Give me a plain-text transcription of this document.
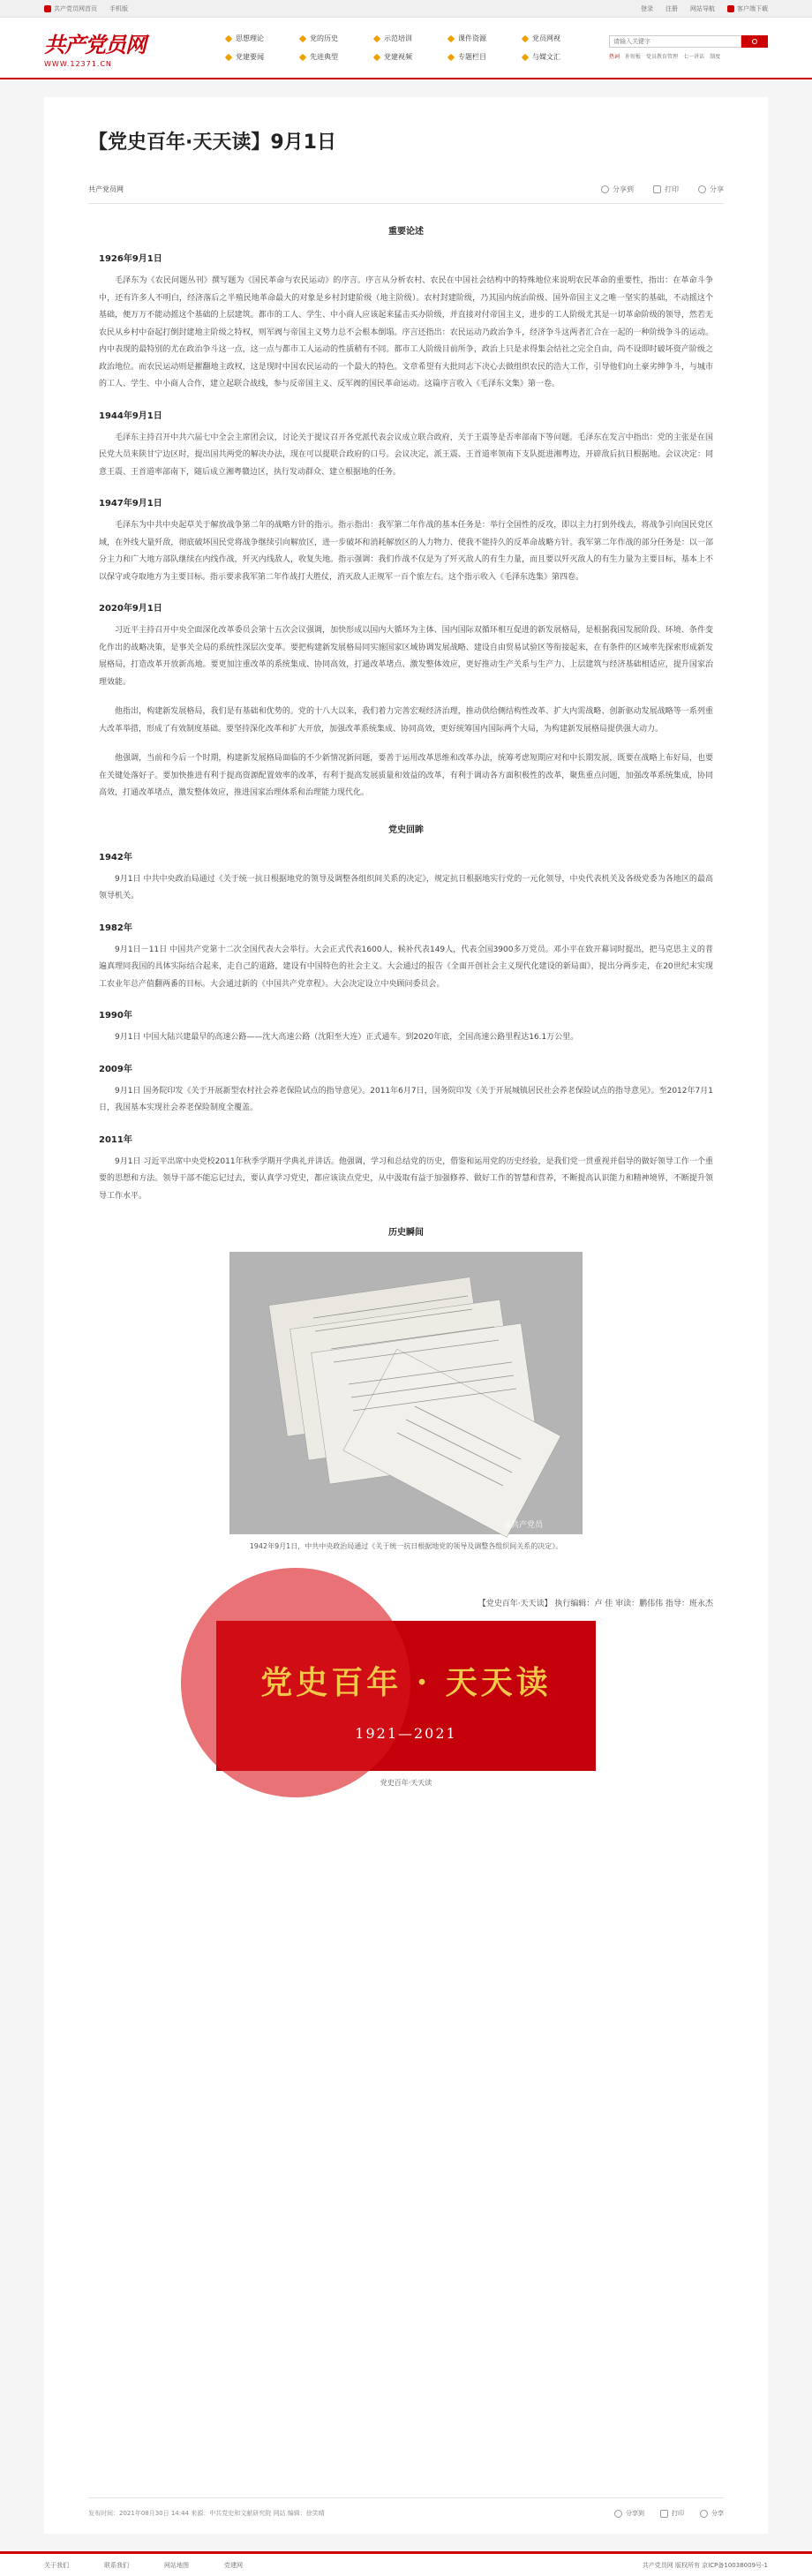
共产党员网首页 手机版	登录 注册 网站导航	客户端下载
共产党员网
WWW.12371.CN
思想理论	党的历史	示范培训	课件资源	党员网视
党建要闻	先进典型	党建视频	专题栏目	与媒文汇
请输入关键字	热词 补短板 党员教育管理 七一讲话 制度
【党史百年·天天读】9月1日
共产党员网	分享到	打印	分享
重要论述
1926年9月1日

毛泽东为《农民问题丛刊》撰写题为《国民革命与农民运动》的序言。序言从分析农村、农民在中国社会结构中的特殊地位来说明农民革命的重要性，指出：在革命斗争中，还有许多人不明白，经济落后之半殖民地革命最大的对象是乡村封建阶级（地主阶级）。农村封建阶级，乃其国内统治阶级、国外帝国主义之唯一坚实的基础，不动摇这个基础，便万万不能动摇这个基础的上层建筑。都市的工人、学生、中小商人应该起来猛击买办阶级，并直接对付帝国主义，进步的工人阶级尤其是一切革命阶级的领导，然若无农民从乡村中奋起打倒封建地主阶级之特权，则军阀与帝国主义势力总不会根本倒塌。序言还指出：农民运动乃政治争斗，经济争斗这两者汇合在一起的一种阶级争斗的运动。内中表现的最特别的尤在政治争斗这一点，这一点与都市工人运动的性质稍有不同。都市工人阶级目前所争，政治上只是求得集会结社之完全自由，尚不设即时破坏资产阶级之政治地位。而农民运动则是摧翻地主政权，这是现时中国农民运动的一个最大的特色。文章希望有大批同志下决心去做组织农民的浩大工作，引导他们向土豪劣绅争斗，与城市的工人、学生、中小商人合作，建立起联合战线，参与反帝国主义、反军阀的国民革命运动。这篇序言收入《毛泽东文集》第一卷。

1944年9月1日

毛泽东主持召开中共六届七中全会主席团会议，讨论关于提议召开各党派代表会议成立联合政府，关于王震等是否率部南下等问题。毛泽东在发言中指出：党的主张是在国民党大员来陕甘宁边区时，提出国共两党的解决办法，现在可以提联合政府的口号。会议决定，派王震、王首道率领南下支队挺进湘粤边，开辟敌后抗日根据地。会议决定：同意王震、王首道率部南下，随后成立湘粤赣边区，执行发动群众、建立根据地的任务。

1947年9月1日

毛泽东为中共中央起草关于解放战争第二年的战略方针的指示。指示指出：我军第二年作战的基本任务是：举行全国性的反攻，即以主力打到外线去，将战争引向国民党区域，在外线大量歼敌，彻底破坏国民党将战争继续引向解放区，进一步破坏和消耗解放区的人力物力、使我不能持久的反革命战略方针。我军第二年作战的部分任务是：以一部分主力和广大地方部队继续在内线作战，歼灭内线敌人，收复失地。指示强调：我们作战不仅是为了歼灭敌人的有生力量，而且要以歼灭敌人的有生力量为主要目标，基本上不以保守或夺取地方为主要目标。指示要求我军第二年作战打大胜仗，消灭敌人正规军一百个旅左右。这个指示收入《毛泽东选集》第四卷。

2020年9月1日

习近平主持召开中央全面深化改革委员会第十五次会议强调，加快形成以国内大循环为主体、国内国际双循环相互促进的新发展格局，是根据我国发展阶段、环境、条件变化作出的战略决策，是事关全局的系统性深层次变革。要把构建新发展格局同实施国家区域协调发展战略、建设自由贸易试验区等衔接起来，在有条件的区域率先探索形成新发展格局，打造改革开放新高地。要更加注重改革的系统集成、协同高效，打通改革堵点、激发整体效应，更好推动生产关系与生产力、上层建筑与经济基础相适应，提升国家治理效能。

他指出，构建新发展格局，我们是有基础和优势的。党的十八大以来，我们着力完善宏观经济治理，推动供给侧结构性改革、扩大内需战略、创新驱动发展战略等一系列重大改革举措，形成了有效制度基础。要坚持深化改革和扩大开放，加强改革系统集成、协同高效，更好统筹国内国际两个大局，为构建新发展格局提供强大动力。

他强调，当前和今后一个时期，构建新发展格局面临的不少新情况新问题，要善于运用改革思维和改革办法，统筹考虑短期应对和中长期发展，既要在战略上布好局，也要在关键处落好子。要加快推进有利于提高资源配置效率的改革，有利于提高发展质量和效益的改革，有利于调动各方面积极性的改革，聚焦重点问题，加强改革系统集成，协同高效，打通改革堵点，激发整体效应，推进国家治理体系和治理能力现代化。

党史回眸
1942年

9月1日 中共中央政治局通过《关于统一抗日根据地党的领导及调整各组织间关系的决定》，规定抗日根据地实行党的一元化领导，中央代表机关及各级党委为各地区的最高领导机关。

1982年

9月1日－11日 中国共产党第十二次全国代表大会举行。大会正式代表1600人，候补代表149人，代表全国3900多万党员。邓小平在致开幕词时提出，把马克思主义的普遍真理同我国的具体实际结合起来，走自己的道路，建设有中国特色的社会主义。大会通过的报告《全面开创社会主义现代化建设的新局面》，提出分两步走，在20世纪末实现工农业年总产值翻两番的目标。大会通过新的《中国共产党章程》。大会决定设立中央顾问委员会。

1990年

9月1日 中国大陆兴建最早的高速公路——沈大高速公路（沈阳至大连）正式通车。到2020年底，全国高速公路里程达16.1万公里。

2009年

9月1日 国务院印发《关于开展新型农村社会养老保险试点的指导意见》。2011年6月7日，国务院印发《关于开展城镇居民社会养老保险试点的指导意见》。至2012年7月1日，我国基本实现社会养老保险制度全覆盖。

2011年

9月1日 习近平出席中央党校2011年秋季学期开学典礼并讲话。他强调，学习和总结党的历史，借鉴和运用党的历史经验，是我们党一贯重视并倡导的做好领导工作一个重要的思想和方法。领导干部不能忘记过去，要认真学习党史，都应该读点党史，从中汲取有益于加强修养、做好工作的智慧和营养，不断提高认识能力和精神境界，不断提升领导工作水平。

历史瞬间
@共产党员

1942年9月1日，中共中央政治局通过《关于统一抗日根据地党的领导及调整各组织间关系的决定》。

【党史百年·天天读】 执行编辑：卢 佳 审读：鹏伟伟 指导：班永杰

党史百年 · 天天读
1921—2021

党史百年·天天读

发布时间：2021年08月30日 14:44 来源：中共党史和文献研究院 网站 编辑：徐笑晴	分享到	打印	分享
关于我们	联系我们	网站地图	党建网	共产党员网 版权所有 京ICP备10038009号-1
